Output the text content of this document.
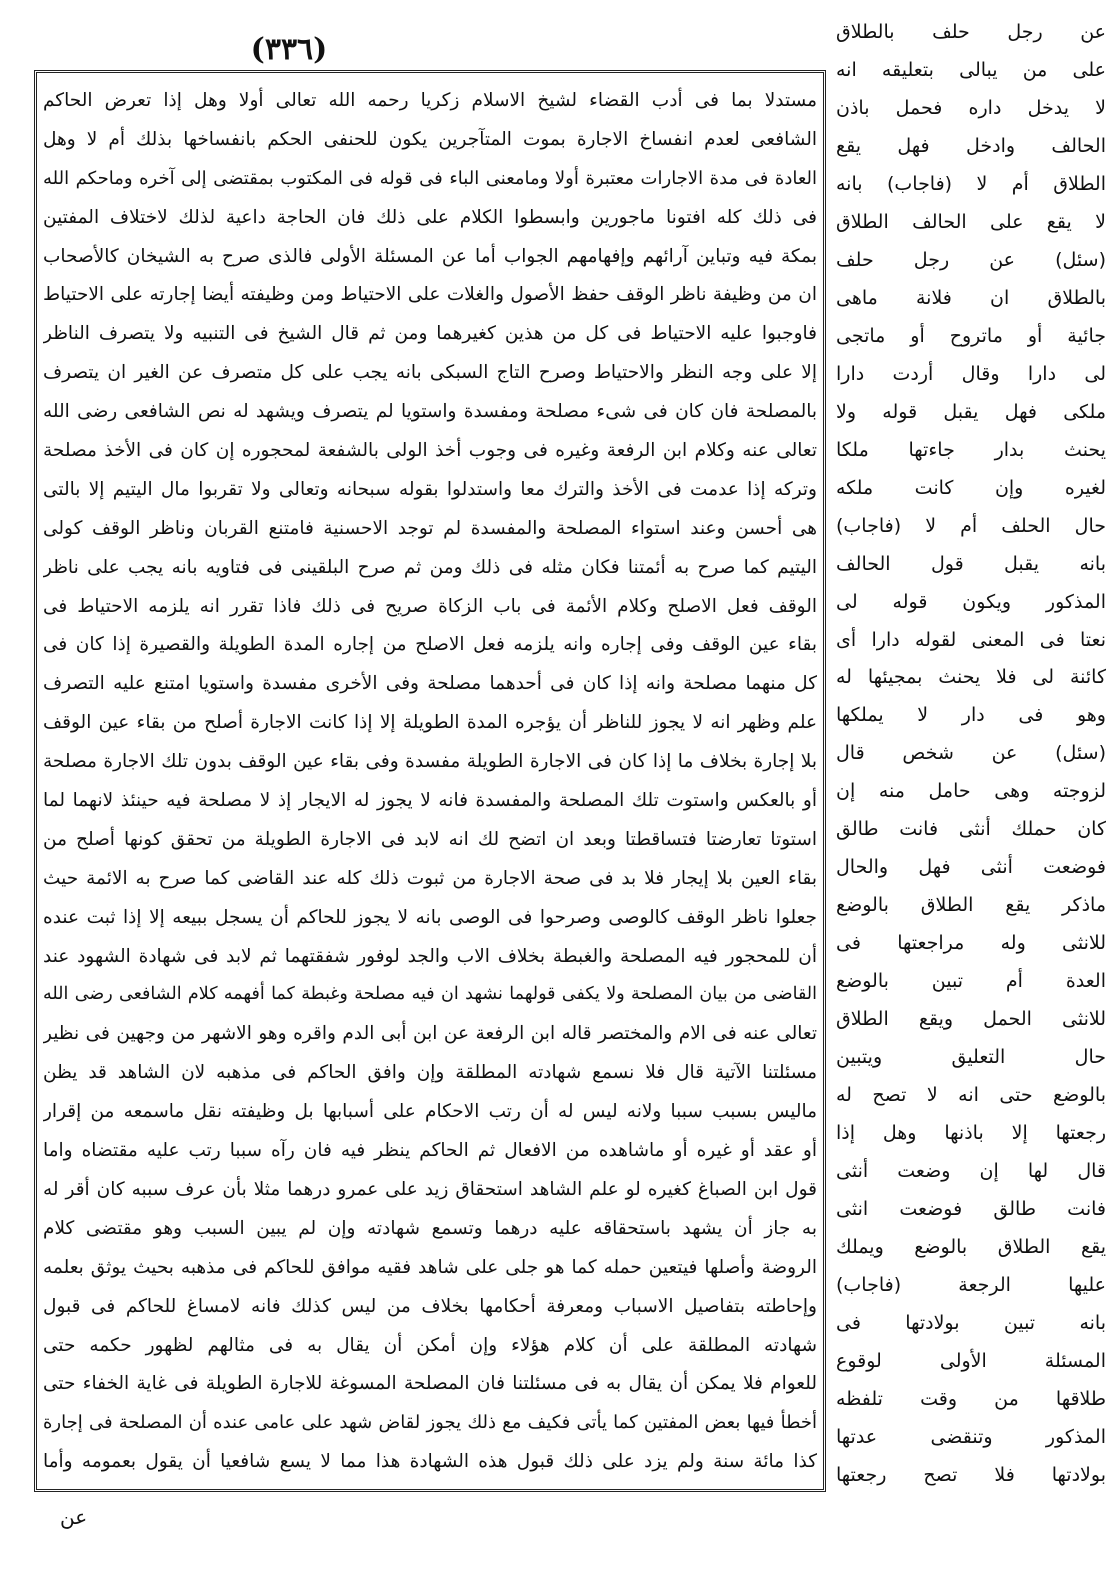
(٣٣٦)
مستدلا بما فى أدب القضاء لشيخ الاسلام زكريا رحمه الله تعالى أولا وهل إذا تعرض الحاكم
الشافعى لعدم انفساخ الاجارة بموت المتآجرين يكون للحنفى الحكم بانفساخها بذلك أم لا وهل
العادة فى مدة الاجارات معتبرة أولا ومامعنى الباء فى قوله فى المكتوب بمقتضى إلى آخره وماحكم الله
فى ذلك كله افتونا ماجورين وابسطوا الكلام على ذلك فان الحاجة داعية لذلك لاختلاف المفتين
بمكة فيه وتباين آرائهم وإفهامهم الجواب أما عن المسئلة الأولى فالذى صرح به الشيخان كالأصحاب
ان من وظيفة ناظر الوقف حفظ الأصول والغلات على الاحتياط ومن وظيفته أيضا إجارته على الاحتياط
فاوجبوا عليه الاحتياط فى كل من هذين كغيرهما ومن ثم قال الشيخ فى التنبيه ولا يتصرف الناظر
إلا على وجه النظر والاحتياط وصرح التاج السبكى بانه يجب على كل متصرف عن الغير ان يتصرف
بالمصلحة فان كان فى شىء مصلحة ومفسدة واستويا لم يتصرف ويشهد له نص الشافعى رضى الله
تعالى عنه وكلام ابن الرفعة وغيره فى وجوب أخذ الولى بالشفعة لمحجوره إن كان فى الأخذ مصلحة
وتركه إذا عدمت فى الأخذ والترك معا واستدلوا بقوله سبحانه وتعالى ولا تقربوا مال اليتيم إلا بالتى
هى أحسن وعند استواء المصلحة والمفسدة لم توجد الاحسنية فامتنع القربان وناظر الوقف كولى
اليتيم كما صرح به أئمتنا فكان مثله فى ذلك ومن ثم صرح البلقينى فى فتاويه بانه يجب على ناظر
الوقف فعل الاصلح وكلام الأئمة فى باب الزكاة صريح فى ذلك فاذا تقرر انه يلزمه الاحتياط فى
بقاء عين الوقف وفى إجاره وانه يلزمه فعل الاصلح من إجاره المدة الطويلة والقصيرة إذا كان فى
كل منهما مصلحة وانه إذا كان فى أحدهما مصلحة وفى الأخرى مفسدة واستويا امتنع عليه التصرف
علم وظهر انه لا يجوز للناظر أن يؤجره المدة الطويلة إلا إذا كانت الاجارة أصلح من بقاء عين الوقف
بلا إجارة بخلاف ما إذا كان فى الاجارة الطويلة مفسدة وفى بقاء عين الوقف بدون تلك الاجارة مصلحة
أو بالعكس واستوت تلك المصلحة والمفسدة فانه لا يجوز له الايجار إذ لا مصلحة فيه حينئذ لانهما لما
استوتا تعارضتا فتساقطتا وبعد ان اتضح لك انه لابد فى الاجارة الطويلة من تحقق كونها أصلح من
بقاء العين بلا إيجار فلا بد فى صحة الاجارة من ثبوت ذلك كله عند القاضى كما صرح به الائمة حيث
جعلوا ناظر الوقف كالوصى وصرحوا فى الوصى بانه لا يجوز للحاكم أن يسجل ببيعه إلا إذا ثبت عنده
أن للمحجور فيه المصلحة والغبطة بخلاف الاب والجد لوفور شفقتهما ثم لابد فى شهادة الشهود عند
القاضى من بيان المصلحة ولا يكفى قولهما نشهد ان فيه مصلحة وغبطة كما أفهمه كلام الشافعى رضى الله
تعالى عنه فى الام والمختصر قاله ابن الرفعة عن ابن أبى الدم واقره وهو الاشهر من وجهين فى نظير
مسئلتنا الآتية قال فلا نسمع شهادته المطلقة وإن وافق الحاكم فى مذهبه لان الشاهد قد يظن
ماليس بسبب سببا ولانه ليس له أن رتب الاحكام على أسبابها بل وظيفته نقل ماسمعه من إقرار
أو عقد أو غيره أو ماشاهده من الافعال ثم الحاكم ينظر فيه فان رآه سببا رتب عليه مقتضاه واما
قول ابن الصباغ كغيره لو علم الشاهد استحقاق زيد على عمرو درهما مثلا بأن عرف سببه كان أقر له
به جاز أن يشهد باستحقاقه عليه درهما وتسمع شهادته وإن لم يبين السبب وهو مقتضى كلام
الروضة وأصلها فيتعين حمله كما هو جلى على شاهد فقيه موافق للحاكم فى مذهبه بحيث يوثق بعلمه
وإحاطته بتفاصيل الاسباب ومعرفة أحكامها بخلاف من ليس كذلك فانه لامساغ للحاكم فى قبول
شهادته المطلقة على أن كلام هؤلاء وإن أمكن أن يقال به فى مثالهم لظهور حكمه حتى
للعوام فلا يمكن أن يقال به فى مسئلتنا فان المصلحة المسوغة للاجارة الطويلة فى غاية الخفاء حتى
أخطأ فيها بعض المفتين كما يأتى فكيف مع ذلك يجوز لقاض شهد على عامى عنده أن المصلحة فى إجارة
كذا مائة سنة ولم يزد على ذلك قبول هذه الشهادة هذا مما لا يسع شافعيا أن يقول بعمومه وأما
عن رجل حلف بالطلاق
على من يبالى بتعليقه انه
لا يدخل داره فحمل باذن
الحالف وادخل فهل يقع
الطلاق أم لا (فاجاب) بانه
لا يقع على الحالف الطلاق
(سئل) عن رجل حلف
بالطلاق ان فلانة ماهى
جائية أو ماتروح أو ماتجى
لى دارا وقال أردت دارا
ملكى فهل يقبل قوله ولا
يحنث بدار جاءتها ملكا
لغيره وإن كانت ملكه
حال الحلف أم لا (فاجاب)
بانه يقبل قول الحالف
المذكور ويكون قوله لى
نعتا فى المعنى لقوله دارا أى
كائنة لى فلا يحنث بمجيئها له
وهو فى دار لا يملكها
(سئل) عن شخص قال
لزوجته وهى حامل منه إن
كان حملك أنثى فانت طالق
فوضعت أنثى فهل والحال
ماذكر يقع الطلاق بالوضع
للانثى وله مراجعتها فى
العدة أم تبين بالوضع
للانثى الحمل ويقع الطلاق
حال التعليق ويتبين
بالوضع حتى انه لا تصح له
رجعتها إلا باذنها وهل إذا
قال لها إن وضعت أنثى
فانت طالق فوضعت انثى
يقع الطلاق بالوضع ويملك
عليها الرجعة (فاجاب)
بانه تبين بولادتها فى
المسئلة الأولى لوقوع
طلاقها من وقت تلفظه
المذكور وتنقضى عدتها
بولادتها فلا تصح رجعتها
عن
